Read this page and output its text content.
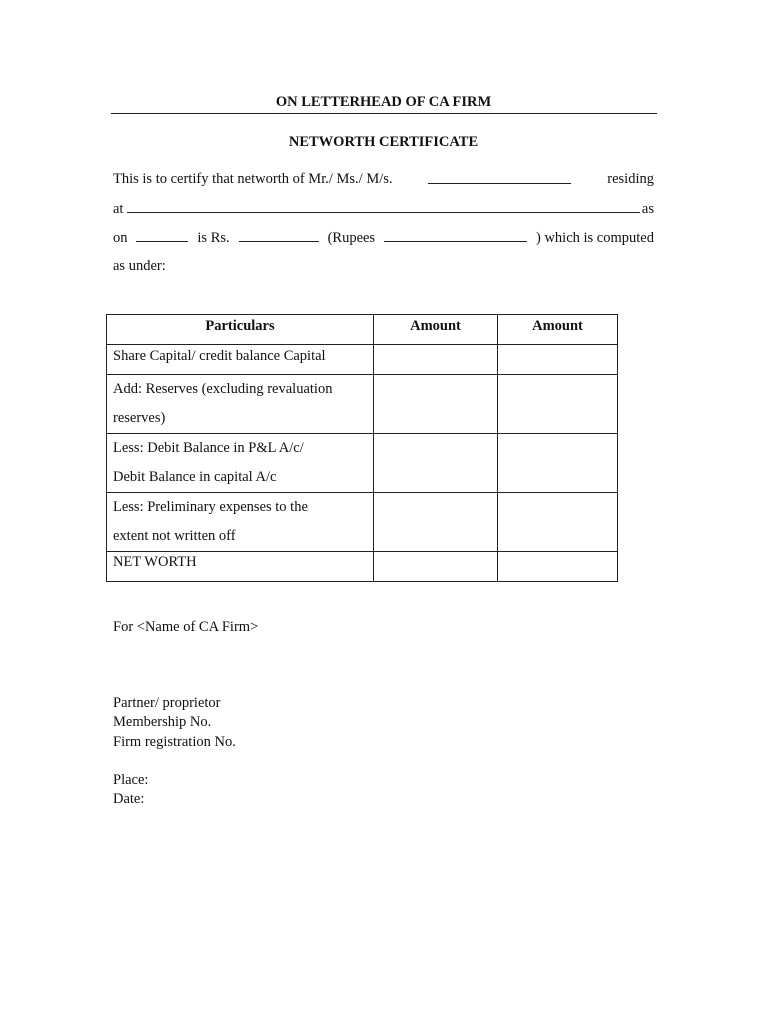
ON LETTERHEAD OF CA FIRM
NETWORTH CERTIFICATE
This is to certify that networth of Mr./ Ms./ M/s.	residing
at	as
on	is Rs.	(Rupees	) which is computed
as under:
Particulars	Amount	Amount

Share Capital/ credit balance Capital		

Add: Reserves (excluding revaluation
reserves)		

Less: Debit Balance in P&L A/c/
Debit Balance in capital A/c		

Less: Preliminary expenses to the
extent not written off		

NET WORTH		

For <Name of CA Firm>
Partner/ proprietor
Membership No.
Firm registration No.
Place:
Date:
